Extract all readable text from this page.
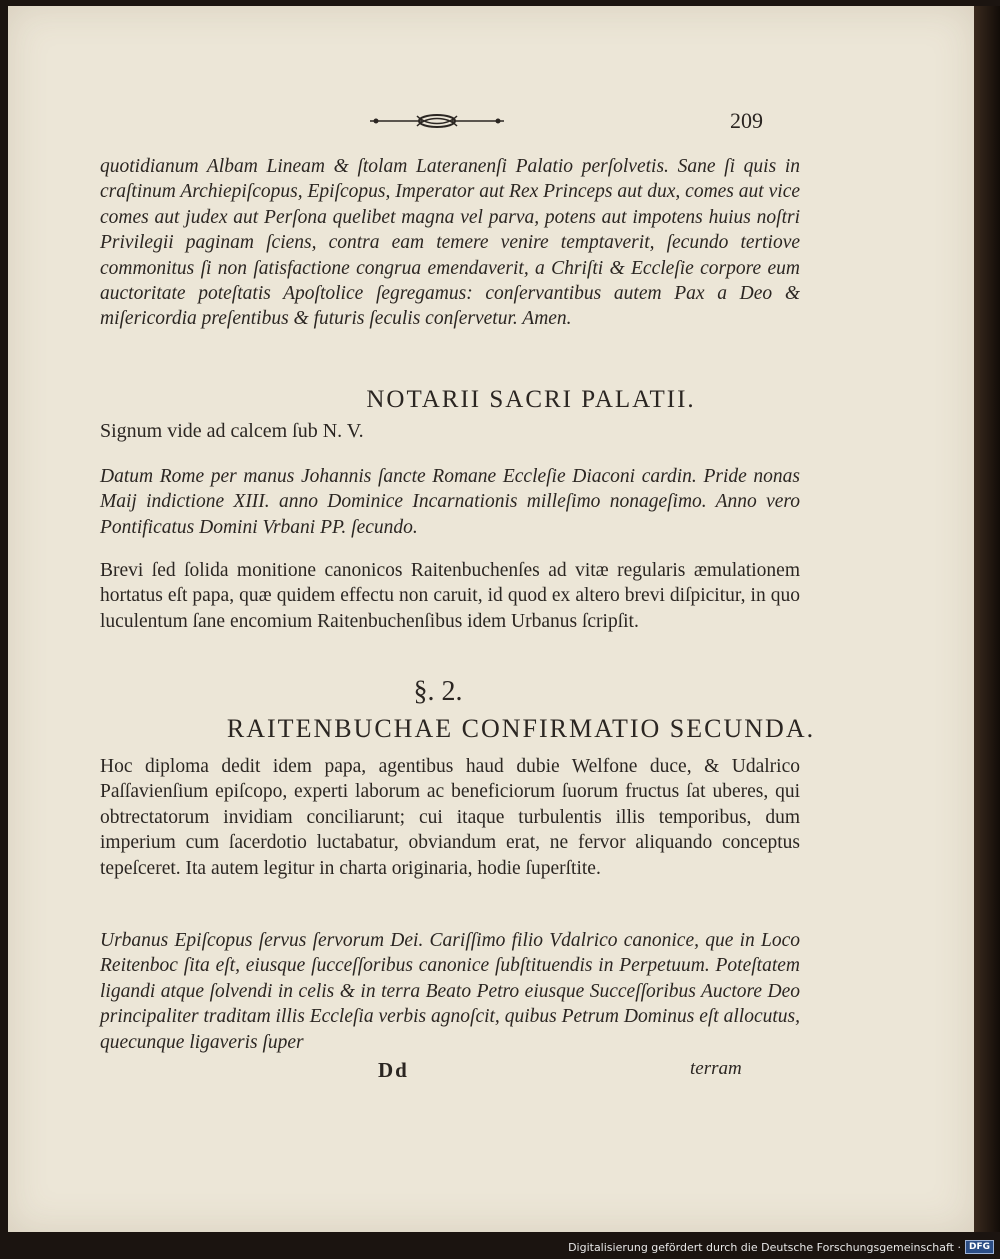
209

quotidianum Albam Lineam & ſtolam Lateranenſi Palatio perſolvetis. Sane ſi quis in craſtinum Archiepiſcopus, Epiſcopus, Imperator aut Rex Princeps aut dux, comes aut vice comes aut judex aut Perſona quelibet magna vel parva, potens aut impotens huius noſtri Privilegii paginam ſciens, contra eam temere venire temptaverit, ſecundo tertiove commonitus ſi non ſatisfactione congrua emendaverit, a Chriſti & Eccleſie corpore eum auctoritate poteſtatis Apoſtolice ſegregamus: conſervantibus autem Pax a Deo & miſericordia preſentibus & futuris ſeculis conſervetur. Amen.

NOTARII SACRI PALATII.

Signum vide ad calcem ſub N. V.

Datum Rome per manus Johannis ſancte Romane Eccleſie Diaconi cardin. Pride nonas Maij indictione XIII. anno Dominice Incarnationis milleſimo nonageſimo. Anno vero Pontificatus Domini Vrbani PP. ſecundo.

Brevi ſed ſolida monitione canonicos Raitenbuchenſes ad vitæ regularis æmulationem hortatus eſt papa, quæ quidem effectu non caruit, id quod ex altero brevi diſpicitur, in quo luculentum ſane encomium Raitenbuchenſibus idem Urbanus ſcripſit.

§. 2.

RAITENBUCHAE CONFIRMATIO SECUNDA.

Hoc diploma dedit idem papa, agentibus haud dubie Welfone duce, & Udalrico Paſſavienſium epiſcopo, experti laborum ac beneficiorum ſuorum fructus ſat uberes, qui obtrectatorum invidiam conciliarunt; cui itaque turbulentis illis temporibus, dum imperium cum ſacerdotio luctabatur, obviandum erat, ne fervor aliquando conceptus tepeſceret. Ita autem legitur in charta originaria, hodie ſuperſtite.

Urbanus Epiſcopus ſervus ſervorum Dei. Cariſſimo filio Vdalrico canonice, que in Loco Reitenboc ſita eſt, eiusque ſucceſſoribus canonice ſubſtituendis in Perpetuum. Poteſtatem ligandi atque ſolvendi in celis & in terra Beato Petro eiusque Succeſſoribus Auctore Deo principaliter traditam illis Eccleſia verbis agnoſcit, quibus Petrum Dominus eſt allocutus, quecunque ligaveris ſuper

Dd	terram
Digitalisierung gefördert durch die Deutsche Forschungsgemeinschaft · DFG
